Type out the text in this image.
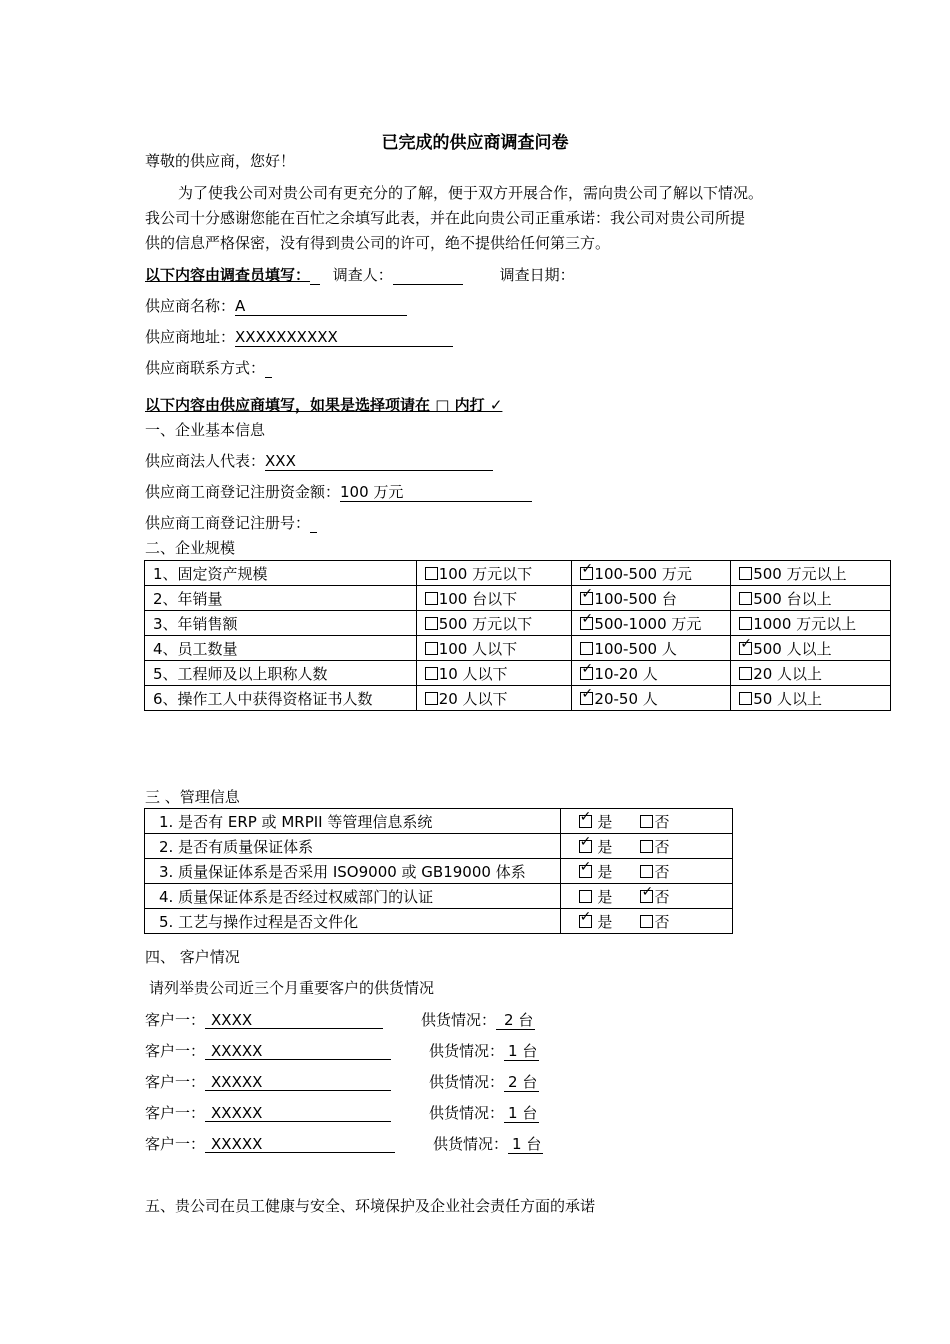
已完成的供应商调查问卷
尊敬的供应商，您好！
为了使我公司对贵公司有更充分的了解，便于双方开展合作，需向贵公司了解以下情况。
我公司十分感谢您能在百忙之余填写此表，并在此向贵公司正重承诺：我公司对贵公司所提
供的信息严格保密，没有得到贵公司的许可，绝不提供给任何第三方。
以下内容由调查员填写： 调查人：	调查日期：
供应商名称：A
供应商地址：XXXXXXXXXX
供应商联系方式：
以下内容由供应商填写，如果是选择项请在 □ 内打 ✓
一、企业基本信息
供应商法人代表：XXX
供应商工商登记注册资金额：100 万元
供应商工商登记注册号：
二、企业规模
1、固定资产规模	100 万元以下	✓ 100-500 万元	500 万元以上
2、年销量	100 台以下	✓ 100-500 台	500 台以上
3、年销售额	500 万元以下	✓ 500-1000 万元	1000 万元以上
4、员工数量	100 人以下	100-500 人	✓ 500 人以上
5、工程师及以上职称人数	10 人以下	✓ 10-20 人	20 人以上
6、操作工人中获得资格证书人数	20 人以下	✓ 20-50 人	50 人以上
三 、管理信息
1. 是否有 ERP 或 MRPII 等管理信息系统	✓ 是 否
2. 是否有质量保证体系	✓ 是 否
3. 质量保证体系是否采用 ISO9000 或 GB19000 体系	✓ 是 否
4. 质量保证体系是否经过权威部门的认证	是 ✓ 否
5. 工艺与操作过程是否文件化	✓ 是 否
四、 客户情况
请列举贵公司近三个月重要客户的供货情况
客户一： XXXX	供货情况： 2 台
客户一： XXXXX	供货情况： 1 台
客户一： XXXXX	供货情况： 2 台
客户一： XXXXX	供货情况： 1 台
客户一： XXXXX	供货情况： 1 台
五、贵公司在员工健康与安全、环境保护及企业社会责任方面的承诺
